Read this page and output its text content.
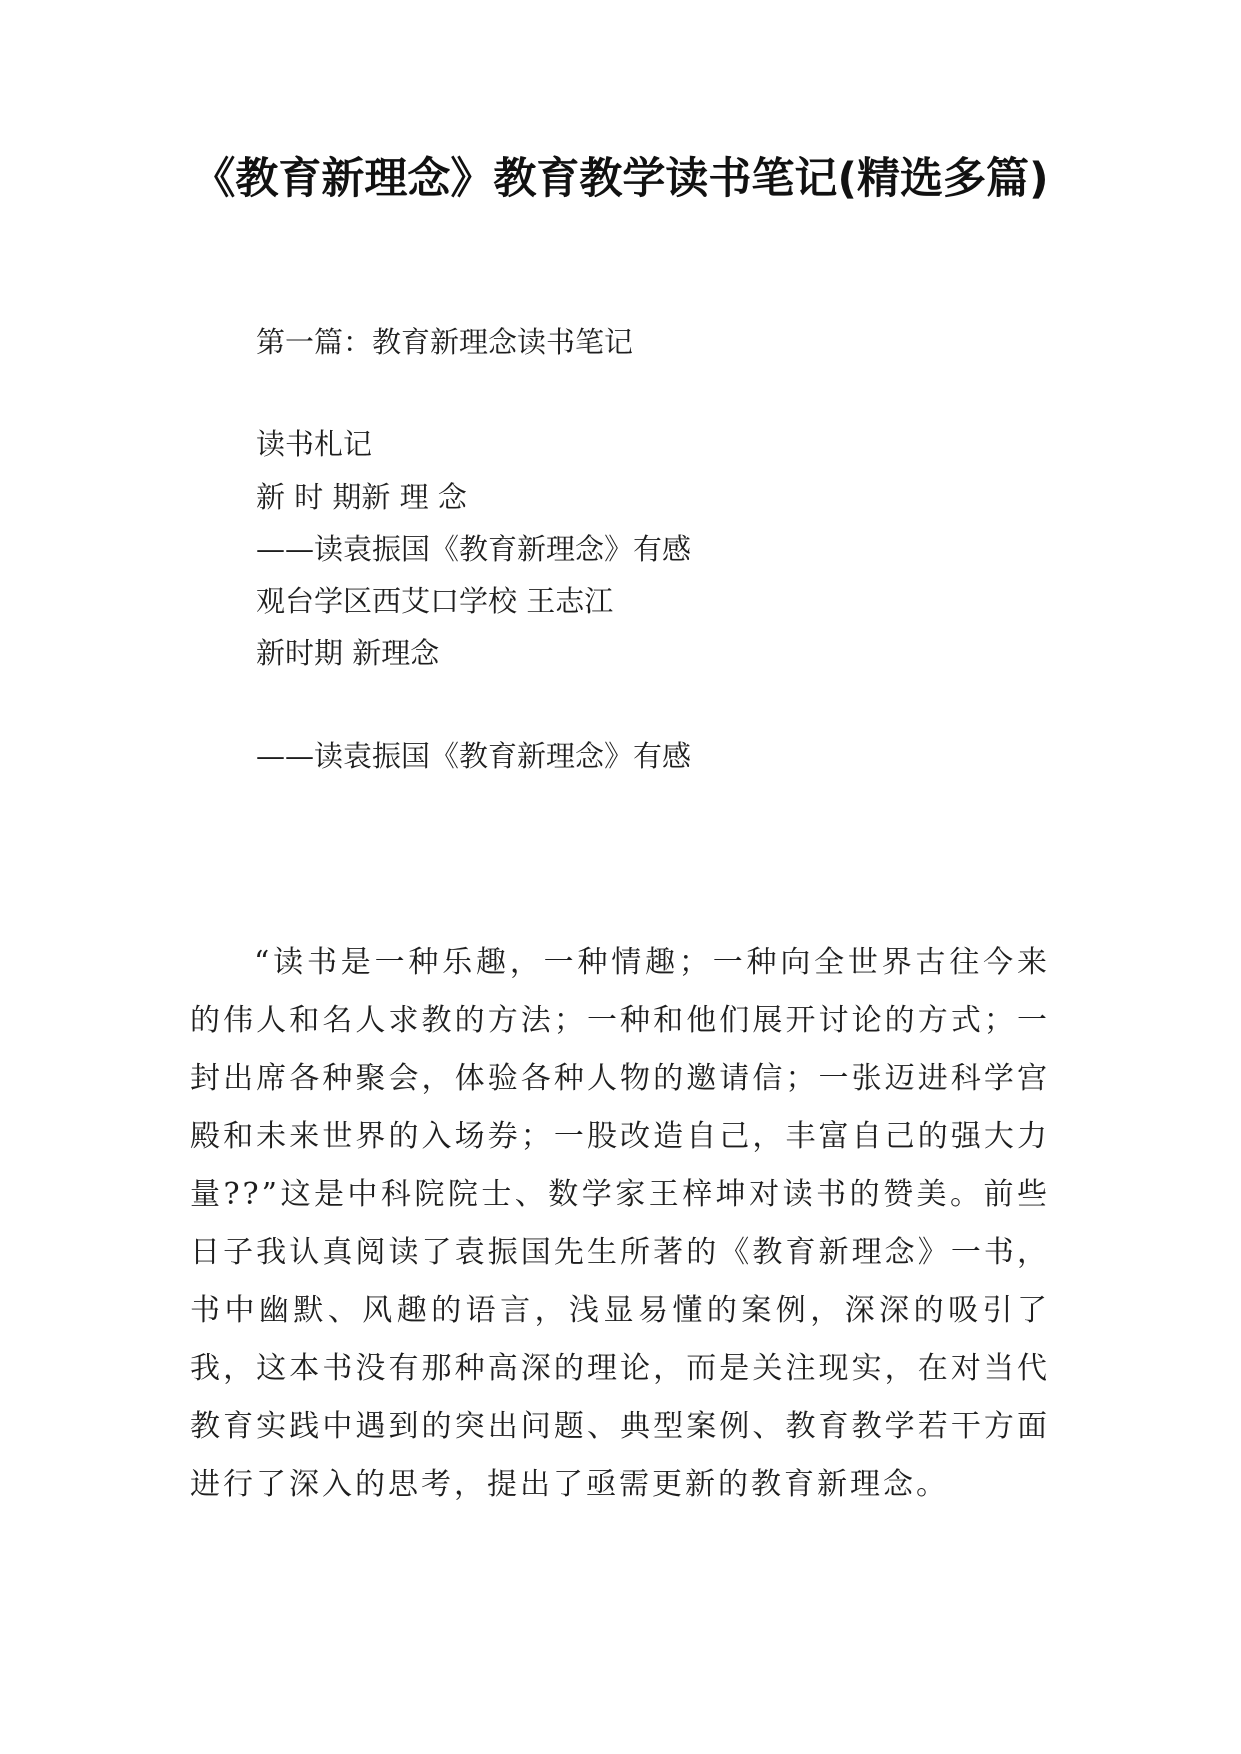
《教育新理念》教育教学读书笔记(精选多篇)

第一篇：教育新理念读书笔记

读书札记

新 时 期新 理 念

——读袁振国《教育新理念》有感

观台学区西艾口学校 王志江

新时期 新理念

——读袁振国《教育新理念》有感

“读书是一种乐趣，一种情趣；一种向全世界古往今来的伟人和名人求教的方法；一种和他们展开讨论的方式；一封出席各种聚会，体验各种人物的邀请信；一张迈进科学宫殿和未来世界的入场券；一股改造自己，丰富自己的强大力量??”这是中科院院士、数学家王梓坤对读书的赞美。前些日子我认真阅读了袁振国先生所著的《教育新理念》一书，书中幽默、风趣的语言，浅显易懂的案例，深深的吸引了我，这本书没有那种高深的理论，而是关注现实，在对当代教育实践中遇到的突出问题、典型案例、教育教学若干方面进行了深入的思考，提出了亟需更新的教育新理念。
